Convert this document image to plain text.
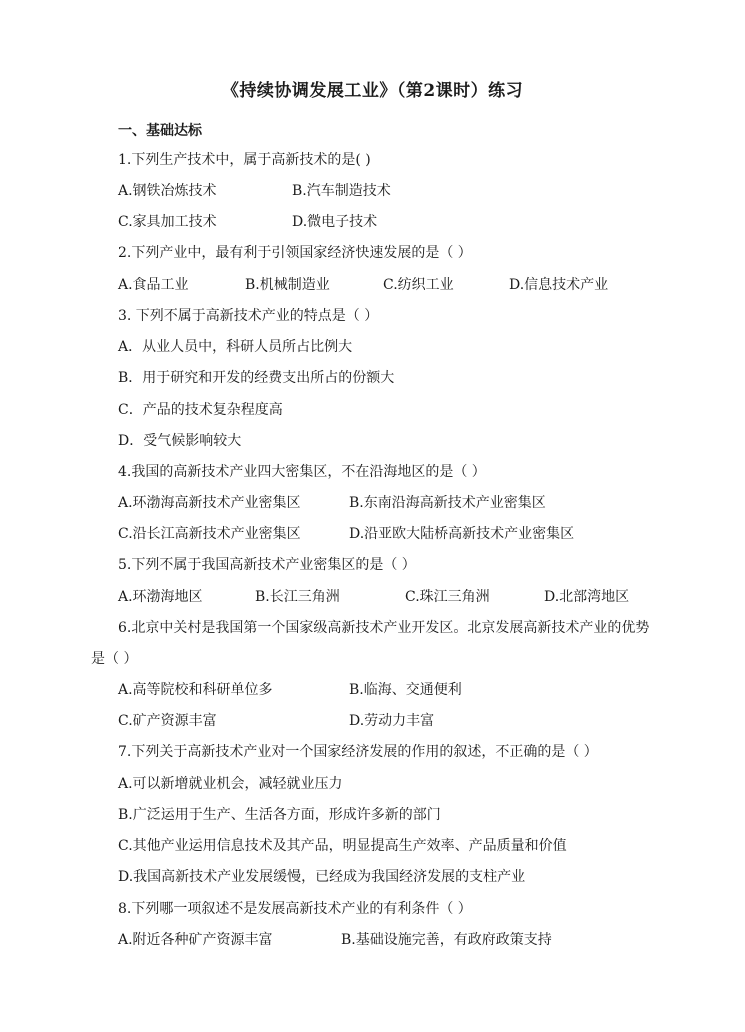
《持续协调发展工业》（第2课时）练习
一、基础达标
1.下列生产技术中，属于高新技术的是( )
A.钢铁冶炼技术	B.汽车制造技术
C.家具加工技术	D.微电子技术
2.下列产业中，最有利于引领国家经济快速发展的是（ ）
A.食品工业	B.机械制造业	C.纺织工业	D.信息技术产业
3. 下列不属于高新技术产业的特点是（ ）
A．从业人员中，科研人员所占比例大
B．用于研究和开发的经费支出所占的份额大
C．产品的技术复杂程度高
D．受气候影响较大
4.我国的高新技术产业四大密集区，不在沿海地区的是（ ）
A.环渤海高新技术产业密集区	B.东南沿海高新技术产业密集区
C.沿长江高新技术产业密集区	D.沿亚欧大陆桥高新技术产业密集区
5.下列不属于我国高新技术产业密集区的是（ ）
A.环渤海地区	B.长江三角洲	C.珠江三角洲	D.北部湾地区
6.北京中关村是我国第一个国家级高新技术产业开发区。北京发展高新技术产业的优势
是（ ）
A.高等院校和科研单位多	B.临海、交通便利
C.矿产资源丰富	D.劳动力丰富
7.下列关于高新技术产业对一个国家经济发展的作用的叙述，不正确的是（ ）
A.可以新增就业机会，减轻就业压力
B.广泛运用于生产、生活各方面，形成许多新的部门
C.其他产业运用信息技术及其产品，明显提高生产效率、产品质量和价值
D.我国高新技术产业发展缓慢，已经成为我国经济发展的支柱产业
8.下列哪一项叙述不是发展高新技术产业的有利条件（ ）
A.附近各种矿产资源丰富	B.基础设施完善，有政府政策支持
